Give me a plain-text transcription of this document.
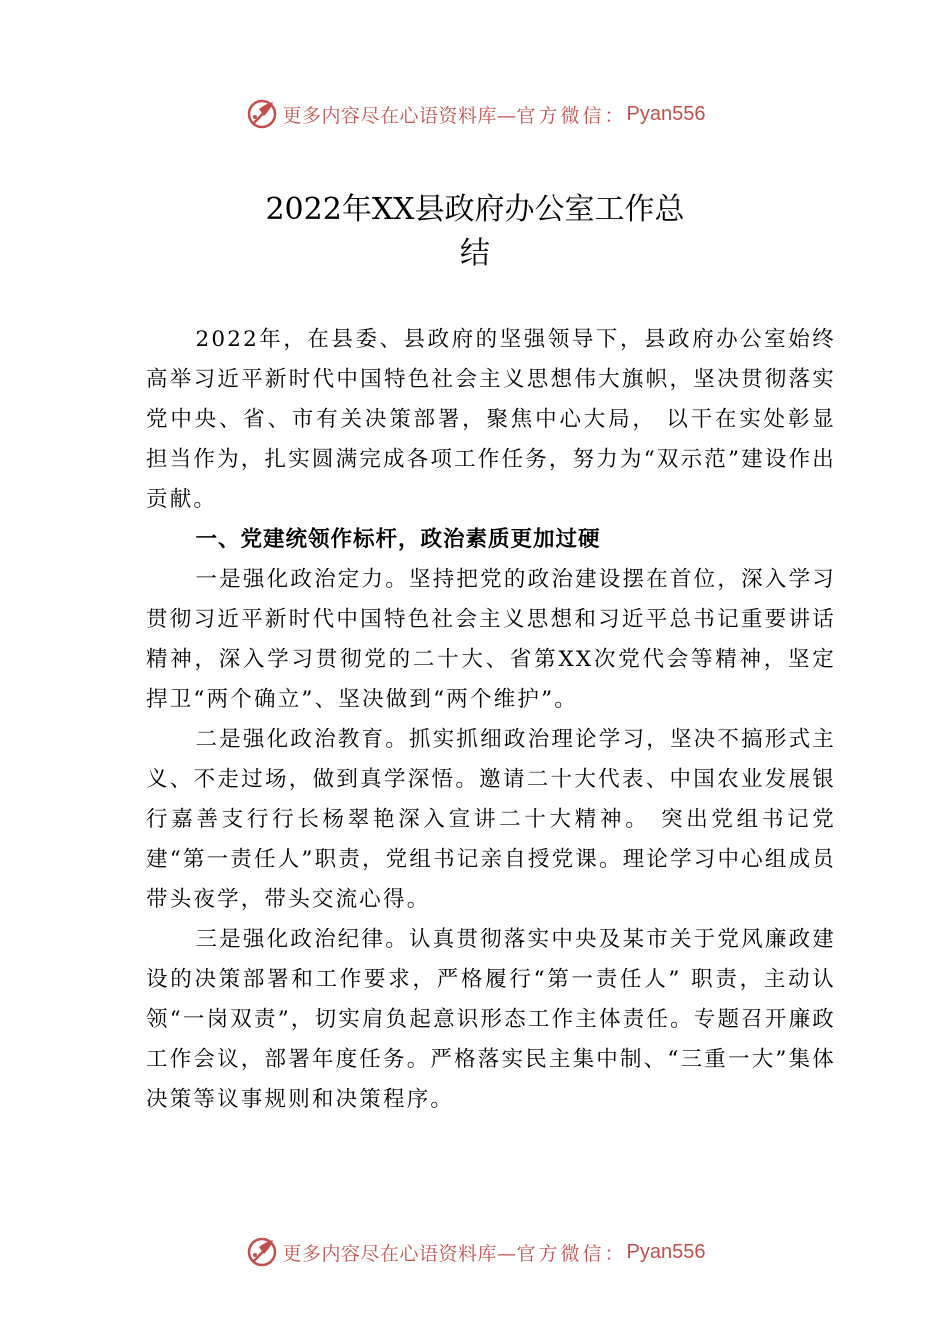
更多内容尽在心语资料库— 官方微信： Pyan556
2022年XX县政府办公室工作总
结

2022年，在县委、县政府的坚强领导下，县政府办公室始终高举习近平新时代中国特色社会主义思想伟大旗帜，坚决贯彻落实党中央、省、市有关决策部署，聚焦中心大局， 以干在实处彰显担当作为，扎实圆满完成各项工作任务，努力为“双示范”建设作出贡献。

一、党建统领作标杆，政治素质更加过硬

一是强化政治定力。坚持把党的政治建设摆在首位，深入学习贯彻习近平新时代中国特色社会主义思想和习近平总书记重要讲话精神，深入学习贯彻党的二十大、省第XX次党代会等精神，坚定捍卫“两个确立”、坚决做到“两个维护”。

二是强化政治教育。抓实抓细政治理论学习，坚决不搞形式主义、不走过场，做到真学深悟。邀请二十大代表、中国农业发展银行嘉善支行行长杨翠艳深入宣讲二十大精神。 突出党组书记党建“第一责任人”职责，党组书记亲自授党课。理论学习中心组成员带头夜学，带头交流心得。

三是强化政治纪律。认真贯彻落实中央及某市关于党风廉政建设的决策部署和工作要求，严格履行“第一责任人” 职责，主动认领“一岗双责”，切实肩负起意识形态工作主体责任。专题召开廉政工作会议，部署年度任务。严格落实民主集中制、“三重一大”集体决策等议事规则和决策程序。

更多内容尽在心语资料库— 官方微信： Pyan556
